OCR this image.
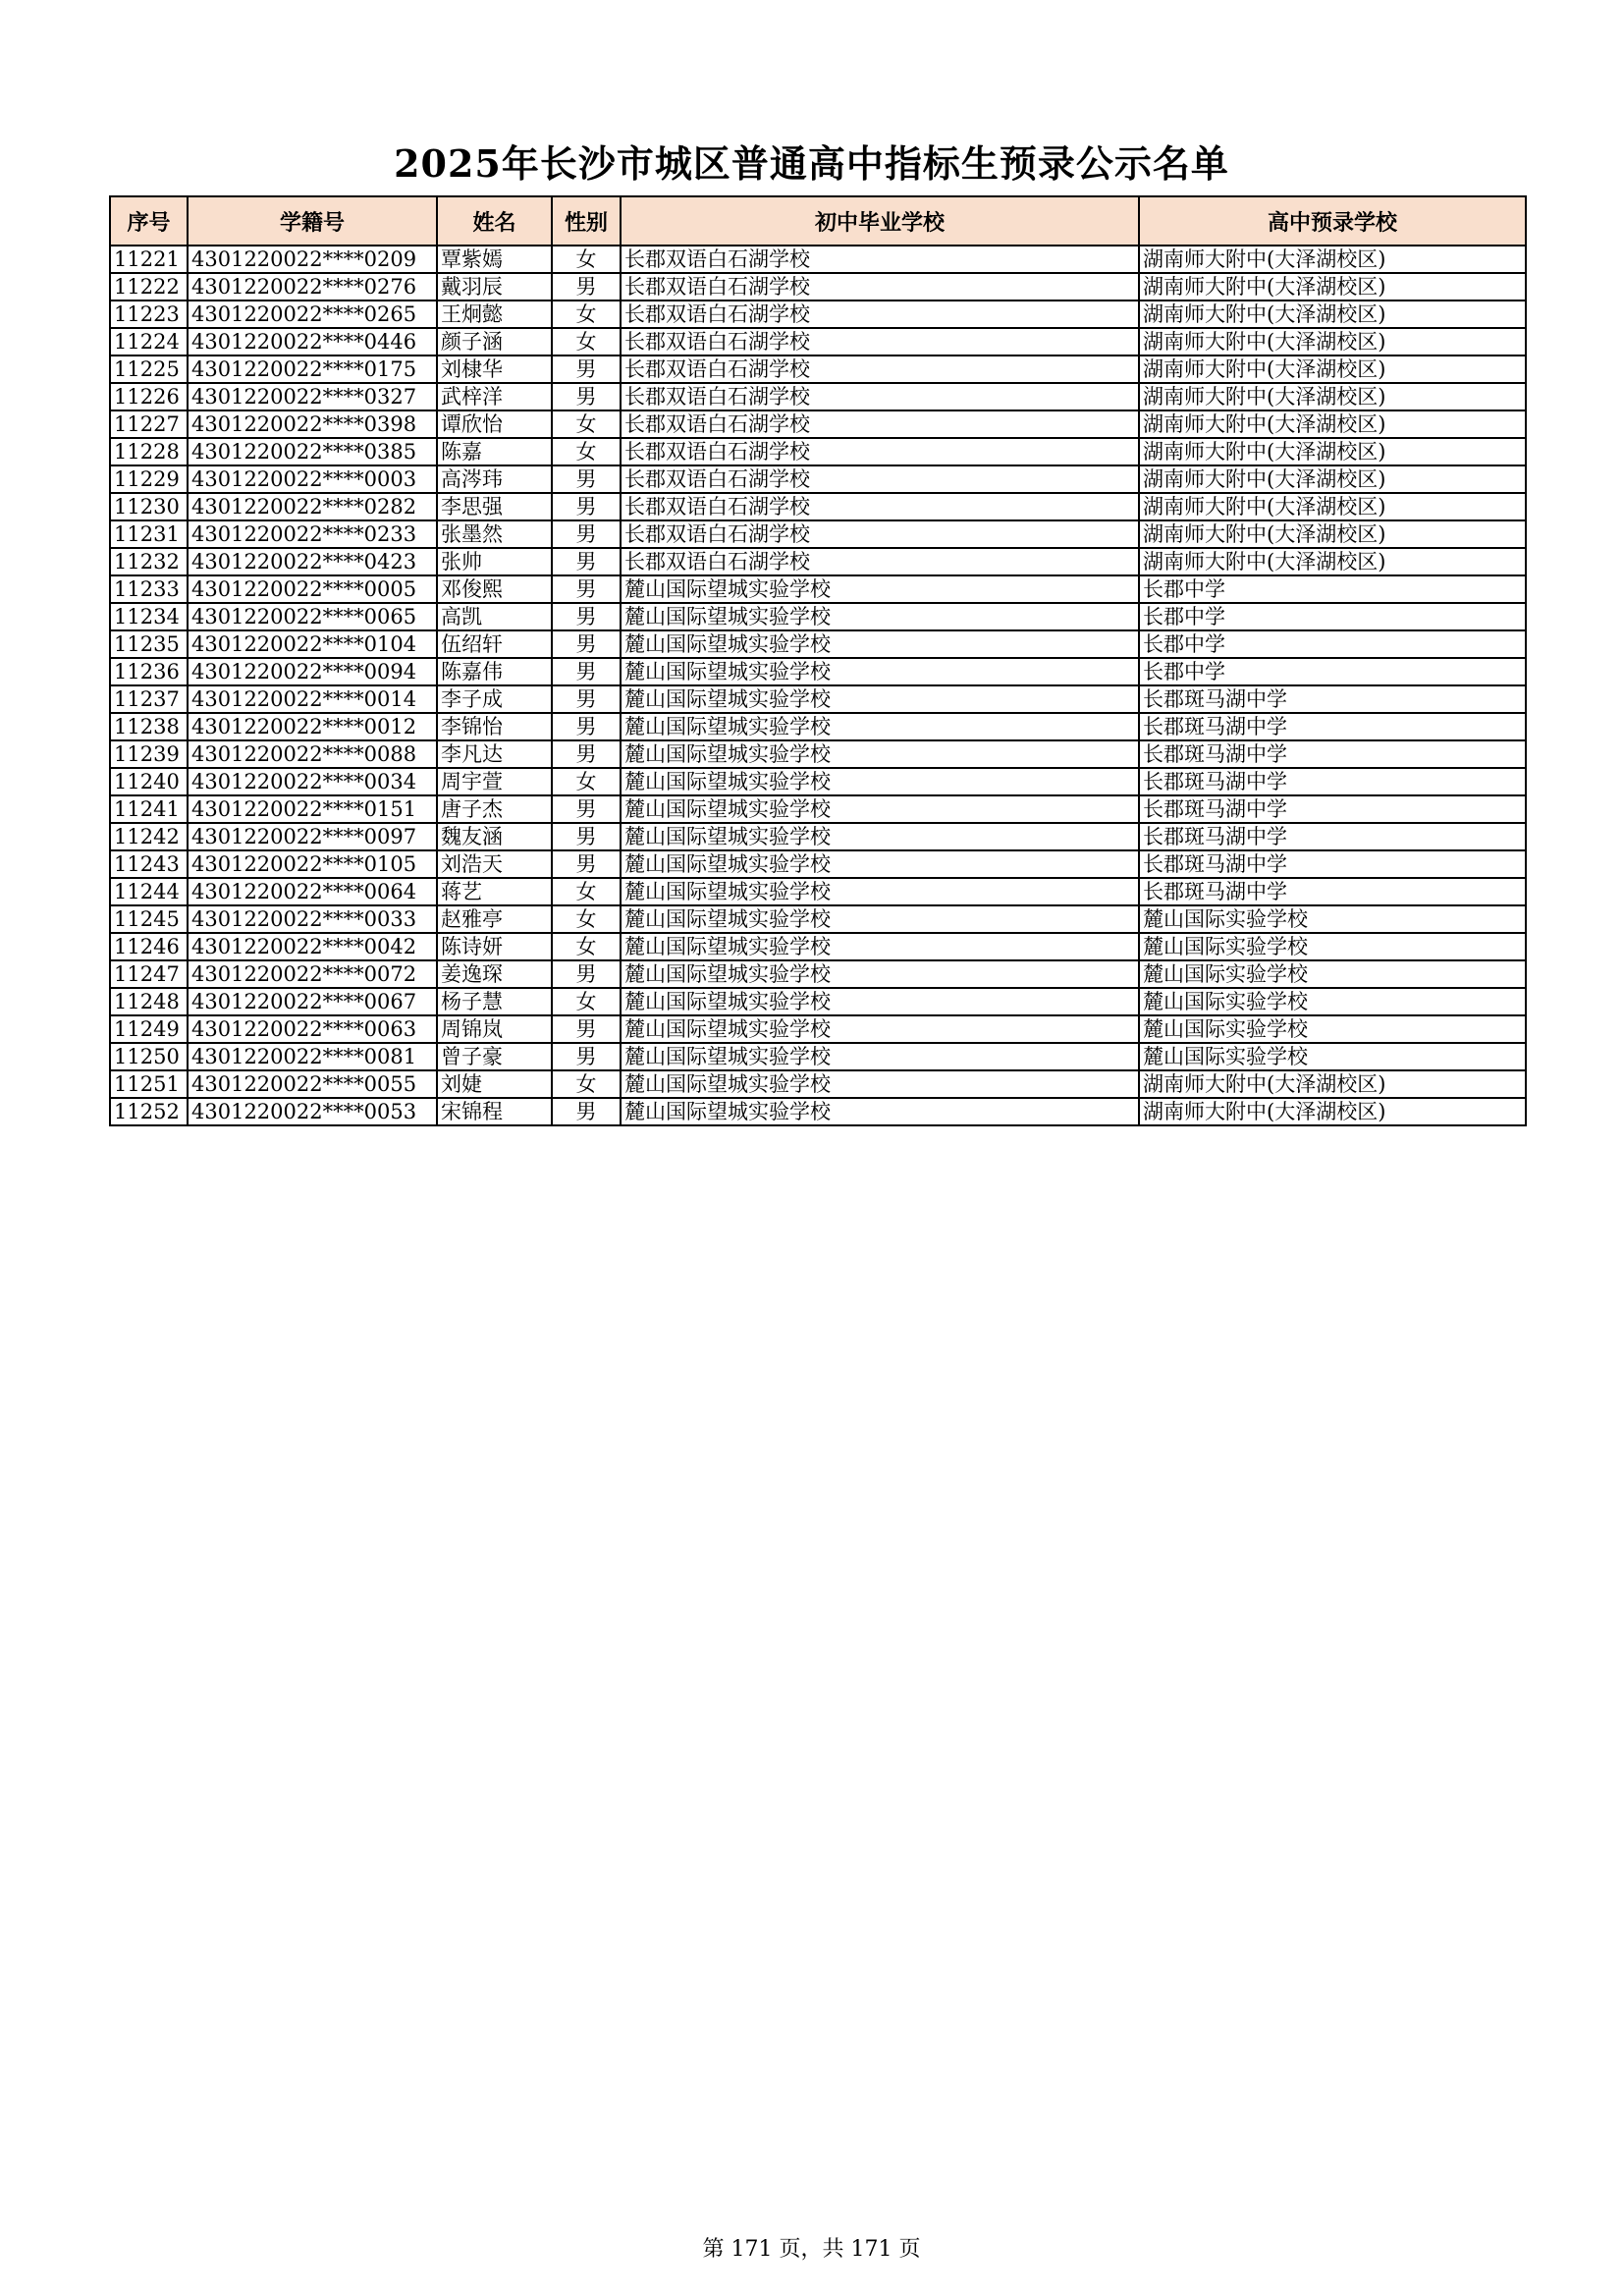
2025年长沙市城区普通高中指标生预录公示名单
序号	学籍号	姓名	性别	初中毕业学校	高中预录学校
11221	4301220022****0209	覃紫嫣	女	长郡双语白石湖学校	湖南师大附中(大泽湖校区)
11222	4301220022****0276	戴羽辰	男	长郡双语白石湖学校	湖南师大附中(大泽湖校区)
11223	4301220022****0265	王炯懿	女	长郡双语白石湖学校	湖南师大附中(大泽湖校区)
11224	4301220022****0446	颜子涵	女	长郡双语白石湖学校	湖南师大附中(大泽湖校区)
11225	4301220022****0175	刘棣华	男	长郡双语白石湖学校	湖南师大附中(大泽湖校区)
11226	4301220022****0327	武梓洋	男	长郡双语白石湖学校	湖南师大附中(大泽湖校区)
11227	4301220022****0398	谭欣怡	女	长郡双语白石湖学校	湖南师大附中(大泽湖校区)
11228	4301220022****0385	陈嘉	女	长郡双语白石湖学校	湖南师大附中(大泽湖校区)
11229	4301220022****0003	高涔玮	男	长郡双语白石湖学校	湖南师大附中(大泽湖校区)
11230	4301220022****0282	李思强	男	长郡双语白石湖学校	湖南师大附中(大泽湖校区)
11231	4301220022****0233	张墨然	男	长郡双语白石湖学校	湖南师大附中(大泽湖校区)
11232	4301220022****0423	张帅	男	长郡双语白石湖学校	湖南师大附中(大泽湖校区)
11233	4301220022****0005	邓俊熙	男	麓山国际望城实验学校	长郡中学
11234	4301220022****0065	高凯	男	麓山国际望城实验学校	长郡中学
11235	4301220022****0104	伍绍轩	男	麓山国际望城实验学校	长郡中学
11236	4301220022****0094	陈嘉伟	男	麓山国际望城实验学校	长郡中学
11237	4301220022****0014	李子成	男	麓山国际望城实验学校	长郡斑马湖中学
11238	4301220022****0012	李锦怡	男	麓山国际望城实验学校	长郡斑马湖中学
11239	4301220022****0088	李凡达	男	麓山国际望城实验学校	长郡斑马湖中学
11240	4301220022****0034	周宇萱	女	麓山国际望城实验学校	长郡斑马湖中学
11241	4301220022****0151	唐子杰	男	麓山国际望城实验学校	长郡斑马湖中学
11242	4301220022****0097	魏友涵	男	麓山国际望城实验学校	长郡斑马湖中学
11243	4301220022****0105	刘浩天	男	麓山国际望城实验学校	长郡斑马湖中学
11244	4301220022****0064	蒋艺	女	麓山国际望城实验学校	长郡斑马湖中学
11245	4301220022****0033	赵雅亭	女	麓山国际望城实验学校	麓山国际实验学校
11246	4301220022****0042	陈诗妍	女	麓山国际望城实验学校	麓山国际实验学校
11247	4301220022****0072	姜逸琛	男	麓山国际望城实验学校	麓山国际实验学校
11248	4301220022****0067	杨子慧	女	麓山国际望城实验学校	麓山国际实验学校
11249	4301220022****0063	周锦岚	男	麓山国际望城实验学校	麓山国际实验学校
11250	4301220022****0081	曾子豪	男	麓山国际望城实验学校	麓山国际实验学校
11251	4301220022****0055	刘婕	女	麓山国际望城实验学校	湖南师大附中(大泽湖校区)
11252	4301220022****0053	宋锦程	男	麓山国际望城实验学校	湖南师大附中(大泽湖校区)
第 171 页，共 171 页
